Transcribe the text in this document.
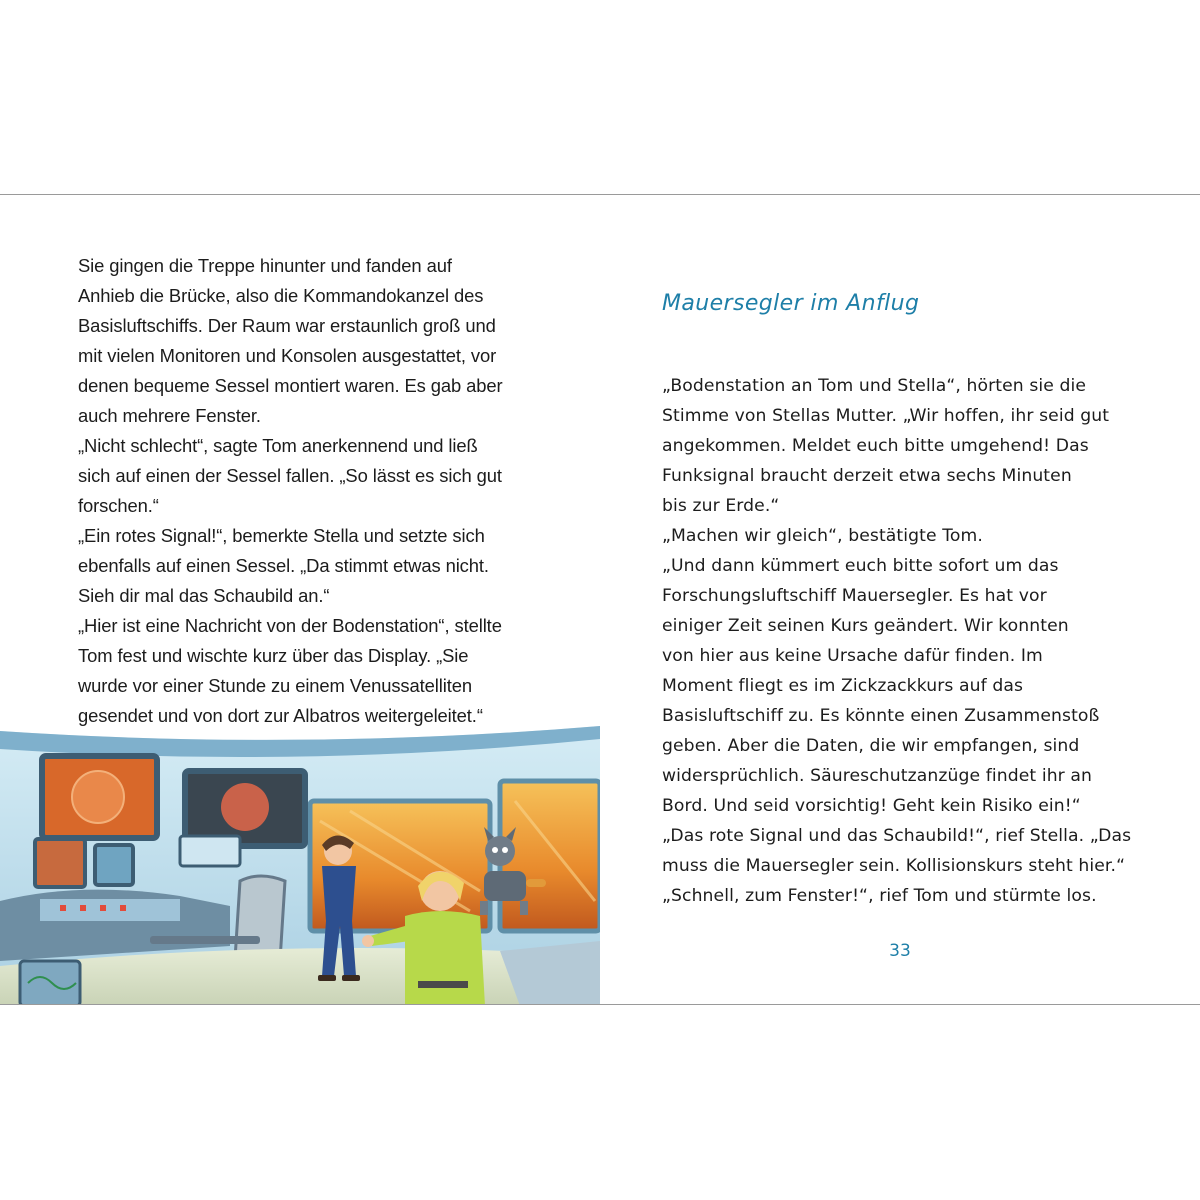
Sie gingen die Treppe hinunter und fanden auf
Anhieb die Brücke, also die Kommandokanzel des
Basisluftschiffs. Der Raum war erstaunlich groß und
mit vielen Monitoren und Konsolen ausgestattet, vor
denen bequeme Sessel montiert waren. Es gab aber
auch mehrere Fenster.
„Nicht schlecht“, sagte Tom anerkennend und ließ
sich auf einen der Sessel fallen. „So lässt es sich gut
forschen.“
„Ein rotes Signal!“, bemerkte Stella und setzte sich
ebenfalls auf einen Sessel. „Da stimmt etwas nicht.
Sieh dir mal das Schaubild an.“
„Hier ist eine Nachricht von der Bodenstation“, stellte
Tom fest und wischte kurz über das Display. „Sie
wurde vor einer Stunde zu einem Venussatelliten
gesendet und von dort zur Albatros weitergeleitet.“
Mauersegler im Anflug
„Bodenstation an Tom und Stella“, hörten sie die
Stimme von Stellas Mutter. „Wir hoffen, ihr seid gut
angekommen. Meldet euch bitte umgehend! Das
Funksignal braucht derzeit etwa sechs Minuten
bis zur Erde.“
„Machen wir gleich“, bestätigte Tom.
„Und dann kümmert euch bitte sofort um das
Forschungsluftschiff Mauersegler. Es hat vor
einiger Zeit seinen Kurs geändert. Wir konnten
von hier aus keine Ursache dafür finden. Im
Moment fliegt es im Zickzackkurs auf das
Basisluftschiff zu. Es könnte einen Zusammenstoß
geben. Aber die Daten, die wir empfangen, sind
widersprüchlich. Säureschutzanzüge findet ihr an
Bord. Und seid vorsichtig! Geht kein Risiko ein!“
„Das rote Signal und das Schaubild!“, rief Stella. „Das
muss die Mauersegler sein. Kollisionskurs steht hier.“
„Schnell, zum Fenster!“, rief Tom und stürmte los.
33
